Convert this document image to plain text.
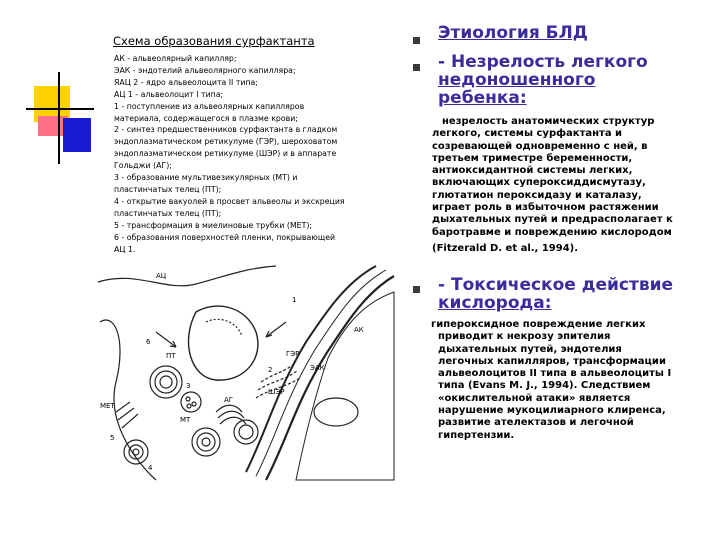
Схема образования сурфактанта
АК - альвеолярный капилляр;
ЭАК - эндотелий альвеолярного капилляра;
ЯАЦ 2 - ядро альвеолоцита II типа;
АЦ 1 - альвеолоцит I типа;
1 - поступление из альвеолярных капилляров
материала, содержащегося в плазме крови;
2 - синтез предшественников сурфактанта в гладком
эндоплазматическом ретикулуме (ГЭР), шероховатом
эндоплазматическом ретикулуме (ШЭР) и в аппарате
Гольджи (АГ);
3 - образование мультивезикулярных (МТ) и
пластинчатых телец (ПТ);
4 - открытие вакуолей в просвет альвеолы и экскреция
пластинчатых телец (ПТ);
5 - трансформация в миелиновые трубки (МЕТ);
6 - образования поверхностей пленки, покрывающей
АЦ 1.
АЦ
АК
ЭАК
МЕТ
МТ
ПТ
АГ
ШЭР
ГЭР
1
2
3
4
5
6
Этиология БЛД
- Незрелость легкого
недоношенного
ребенка:
незрелость анатомических структур
легкого, системы сурфактанта и
созревающей одновременно с ней, в
третьем триместре беременности,
антиоксидантной системы легких,
включающих супероксиддисмутазу,
глютатион пероксидазу и каталазу,
играет роль в избыточном растяжении
дыхательных путей и предрасполагает к
баротравме и повреждению кислородом
(Fitzerald D. et al., 1994).
- Токсическое действие
кислорода:
гипероксидное повреждение легких
приводит к некрозу эпителия
дыхательных путей, эндотелия
легочных капилляров, трансформации
альвеолоцитов II типа в альвеолоциты I
типа (Evans M. J., 1994). Следствием
«окислительной атаки» является
нарушение мукоцилиарного клиренса,
развитие ателектазов и легочной
гипертензии.
